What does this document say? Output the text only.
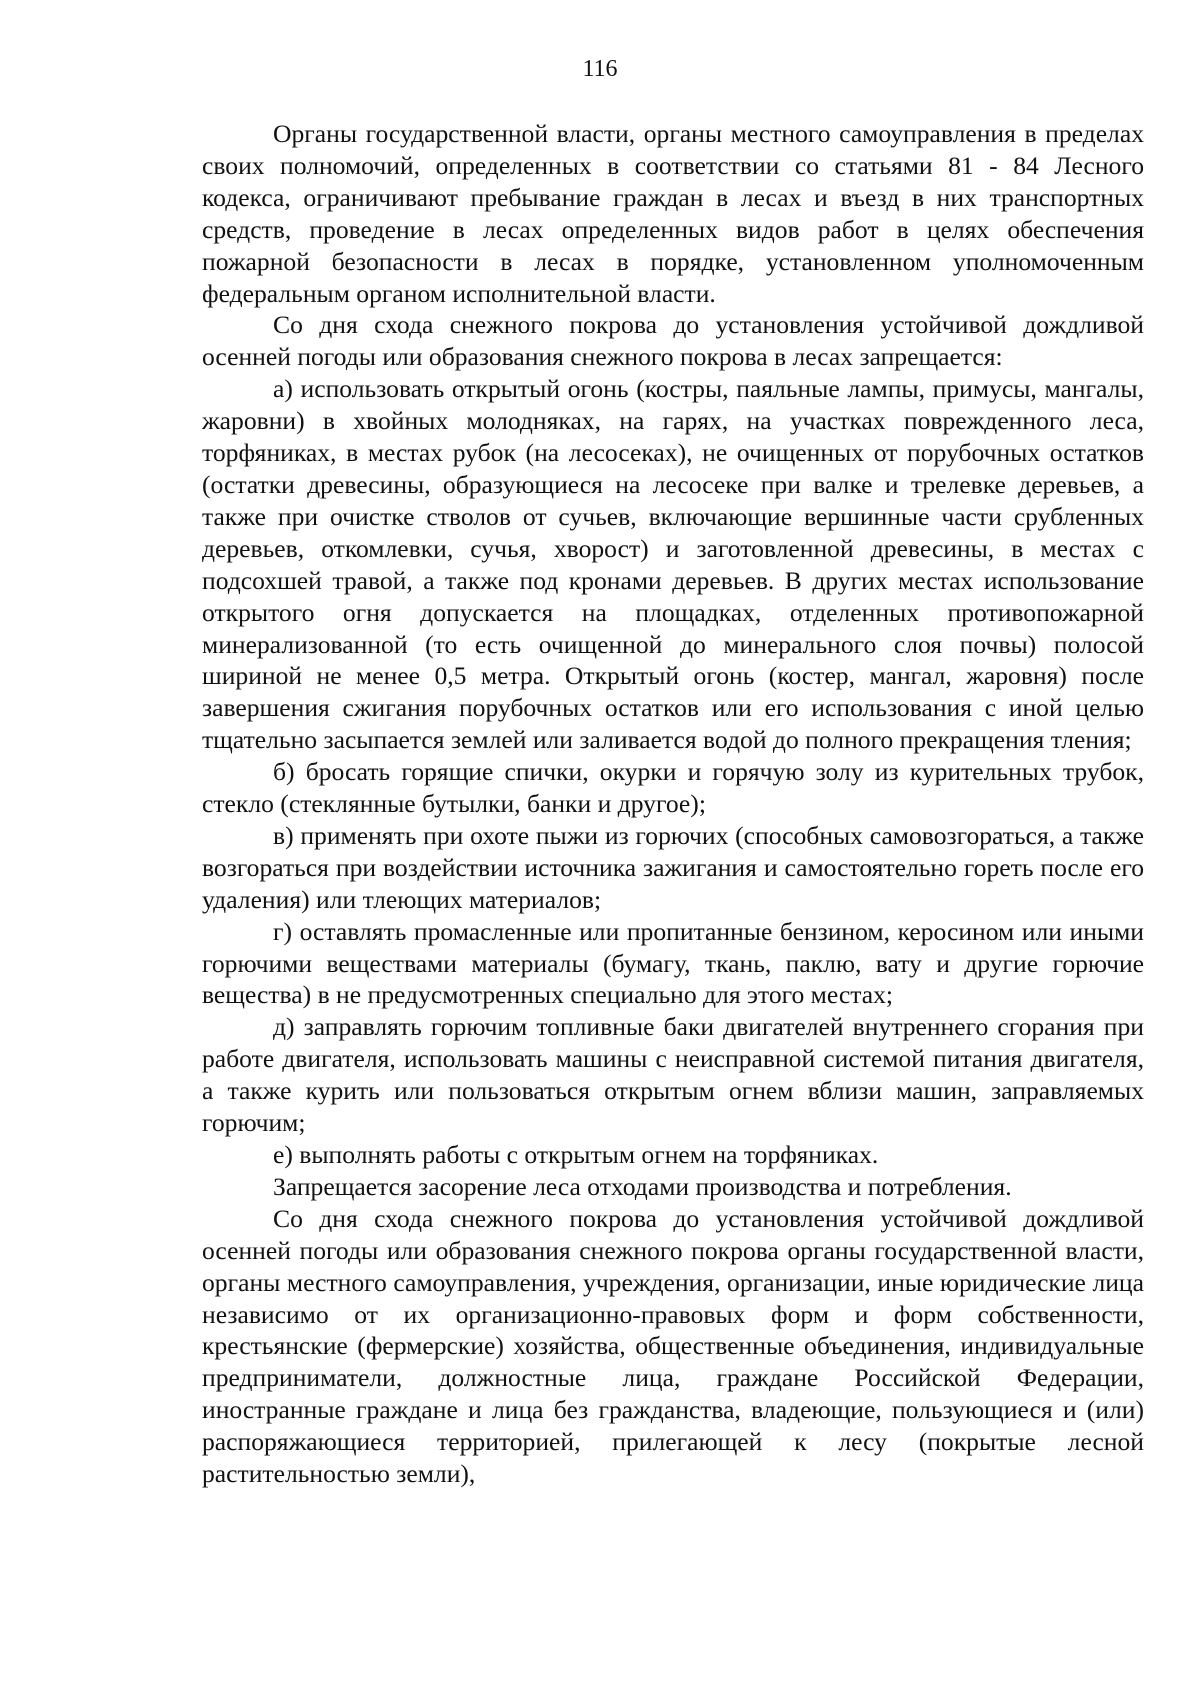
116

Органы государственной власти, органы местного самоуправления в пределах своих полномочий, определенных в соответствии со статьями 81 - 84 Лесного кодекса, ограничивают пребывание граждан в лесах и въезд в них транспортных средств, проведение в лесах определенных видов работ в целях обеспечения пожарной безопасности в лесах в порядке, установленном уполномоченным федеральным органом исполнительной власти.

Со дня схода снежного покрова до установления устойчивой дождливой осенней погоды или образования снежного покрова в лесах запрещается:

а) использовать открытый огонь (костры, паяльные лампы, примусы, мангалы, жаровни) в хвойных молодняках, на гарях, на участках поврежденного леса, торфяниках, в местах рубок (на лесосеках), не очищенных от порубочных остатков (остатки древесины, образующиеся на лесосеке при валке и трелевке деревьев, а также при очистке стволов от сучьев, включающие вершинные части срубленных деревьев, откомлевки, сучья, хворост) и заготовленной древесины, в местах с подсохшей травой, а также под кронами деревьев. В других местах использование открытого огня допускается на площадках, отделенных противопожарной минерализованной (то есть очищенной до минерального слоя почвы) полосой шириной не менее 0,5 метра. Открытый огонь (костер, мангал, жаровня) после завершения сжигания порубочных остатков или его использования с иной целью тщательно засыпается землей или заливается водой до полного прекращения тления;

б) бросать горящие спички, окурки и горячую золу из курительных трубок, стекло (стеклянные бутылки, банки и другое);

в) применять при охоте пыжи из горючих (способных самовозгораться, а также возгораться при воздействии источника зажигания и самостоятельно гореть после его удаления) или тлеющих материалов;

г) оставлять промасленные или пропитанные бензином, керосином или иными горючими веществами материалы (бумагу, ткань, паклю, вату и другие горючие вещества) в не предусмотренных специально для этого местах;

д) заправлять горючим топливные баки двигателей внутреннего сгорания при работе двигателя, использовать машины с неисправной системой питания двигателя, а также курить или пользоваться открытым огнем вблизи машин, заправляемых горючим;

е) выполнять работы с открытым огнем на торфяниках.

Запрещается засорение леса отходами производства и потребления.

Со дня схода снежного покрова до установления устойчивой дождливой осенней погоды или образования снежного покрова органы государственной власти, органы местного самоуправления, учреждения, организации, иные юридические лица независимо от их организационно-правовых форм и форм собственности, крестьянские (фермерские) хозяйства, общественные объединения, индивидуальные предприниматели, должностные лица, граждане Российской Федерации, иностранные граждане и лица без гражданства, владеющие, пользующиеся и (или) распоряжающиеся территорией, прилегающей к лесу (покрытые лесной растительностью земли),
